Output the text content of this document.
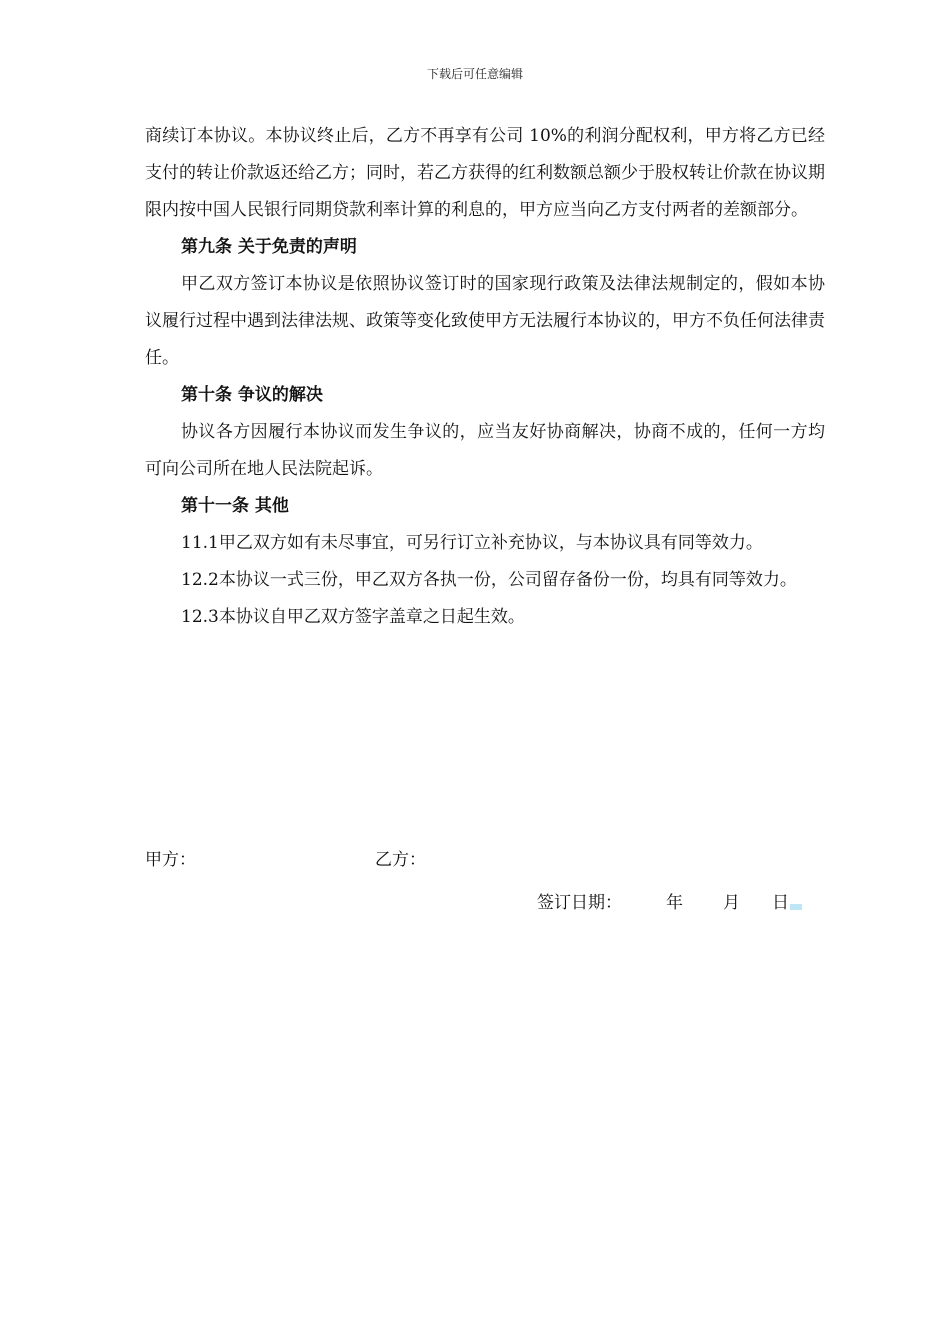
下载后可任意编辑

商续订本协议。本协议终止后，乙方不再享有公司 10%的利润分配权利，甲方将乙方已经支付的转让价款返还给乙方；同时，若乙方获得的红利数额总额少于股权转让价款在协议期限内按中国人民银行同期贷款利率计算的利息的，甲方应当向乙方支付两者的差额部分。

第九条 关于免责的声明

甲乙双方签订本协议是依照协议签订时的国家现行政策及法律法规制定的，假如本协议履行过程中遇到法律法规、政策等变化致使甲方无法履行本协议的，甲方不负任何法律责任。

第十条 争议的解决

协议各方因履行本协议而发生争议的，应当友好协商解决，协商不成的，任何一方均可向公司所在地人民法院起诉。

第十一条 其他

11.1甲乙双方如有未尽事宜，可另行订立补充协议，与本协议具有同等效力。

12.2本协议一式三份，甲乙双方各执一份，公司留存备份一份，均具有同等效力。

12.3本协议自甲乙双方签字盖章之日起生效。

甲方：	乙方：
签订日期：	年 月 日
